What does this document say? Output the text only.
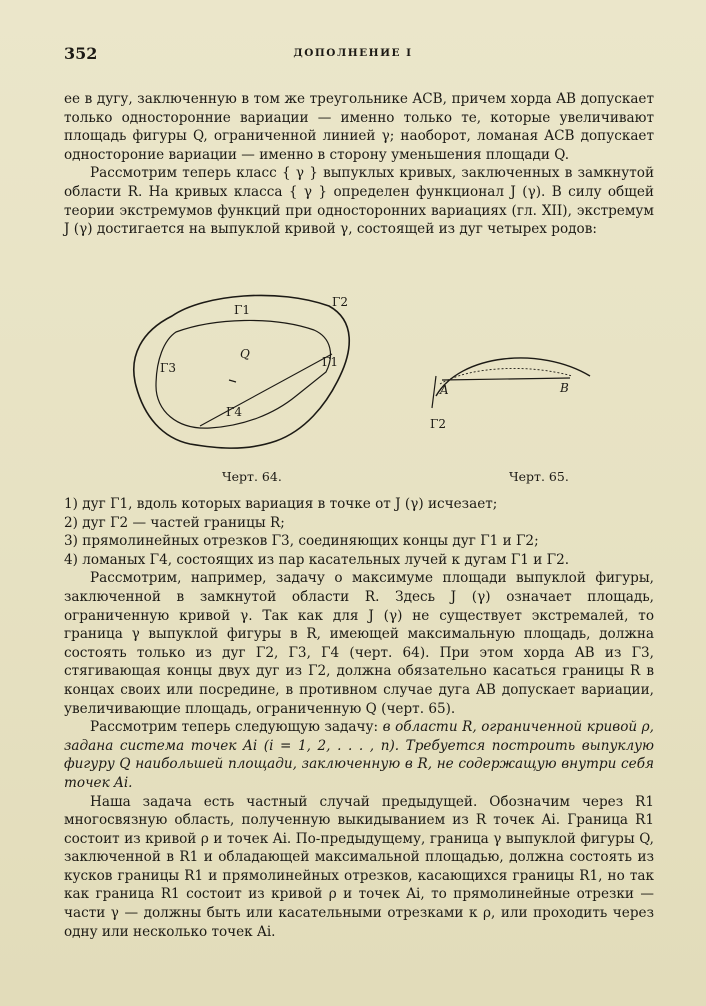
352	ДОПОЛНЕНИЕ I

ее в дугу, заключенную в том же треугольнике ACB, причем хорда AB допускает только односторонние вариации — именно только те, которые увеличивают площадь фигуры Q, ограниченной линией γ; наоборот, ломаная ACB допускает одностороние вариации — именно в сторону уменьшения площади Q.

Рассмотрим теперь класс { γ } выпуклых кривых, заключенных в замкнутой области R. На кривых класса { γ } определен функционал J (γ). В силу общей теории экстремумов функций при односторонних вариациях (гл. XII), экстремум J (γ) достигается на выпуклой кривой γ, состоящей из дуг четырех родов:

Γ1
Γ2
Γ3	Γ1
Γ4
Q
A	B
Γ2
Черт. 64.	Черт. 65.

1) дуг Γ1, вдоль которых вариация в точке от J (γ) исчезает;

2) дуг Γ2 — частей границы R;

3) прямолинейных отрезков Γ3, соединяющих концы дуг Γ1 и Γ2;

4) ломаных Γ4, состоящих из пар касательных лучей к дугам Γ1 и Γ2.

Рассмотрим, например, задачу о максимуме площади выпуклой фигуры, заключенной в замкнутой области R. Здесь J (γ) означает площадь, ограниченную кривой γ. Так как для J (γ) не существует экстремалей, то граница γ выпуклой фигуры в R, имеющей максимальную площадь, должна состоять только из дуг Γ2, Γ3, Γ4 (черт. 64). При этом хорда AB из Γ3, стягивающая концы двух дуг из Γ2, должна обязательно касаться границы R в концах своих или посредине, в противном случае дуга AB допускает вариации, увеличивающие площадь, ограниченную Q (черт. 65).

Рассмотрим теперь следующую задачу: в области R, ограниченной кривой ρ, задана система точек Ai (i = 1, 2, . . . , n). Требуется построить выпуклую фигуру Q наибольшей площади, заключенную в R, не содержащую внутри себя точек Ai.

Наша задача есть частный случай предыдущей. Обозначим через R1 многосвязную область, полученную выкидыванием из R точек Ai. Граница R1 состоит из кривой ρ и точек Ai. По-предыдущему, граница γ выпуклой фигуры Q, заключенной в R1 и обладающей максимальной площадью, должна состоять из кусков границы R1 и прямолинейных отрезков, касающихся границы R1, но так как граница R1 состоит из кривой ρ и точек Ai, то прямолинейные отрезки — части γ — должны быть или касательными отрезками к ρ, или проходить через одну или несколько точек Ai.
